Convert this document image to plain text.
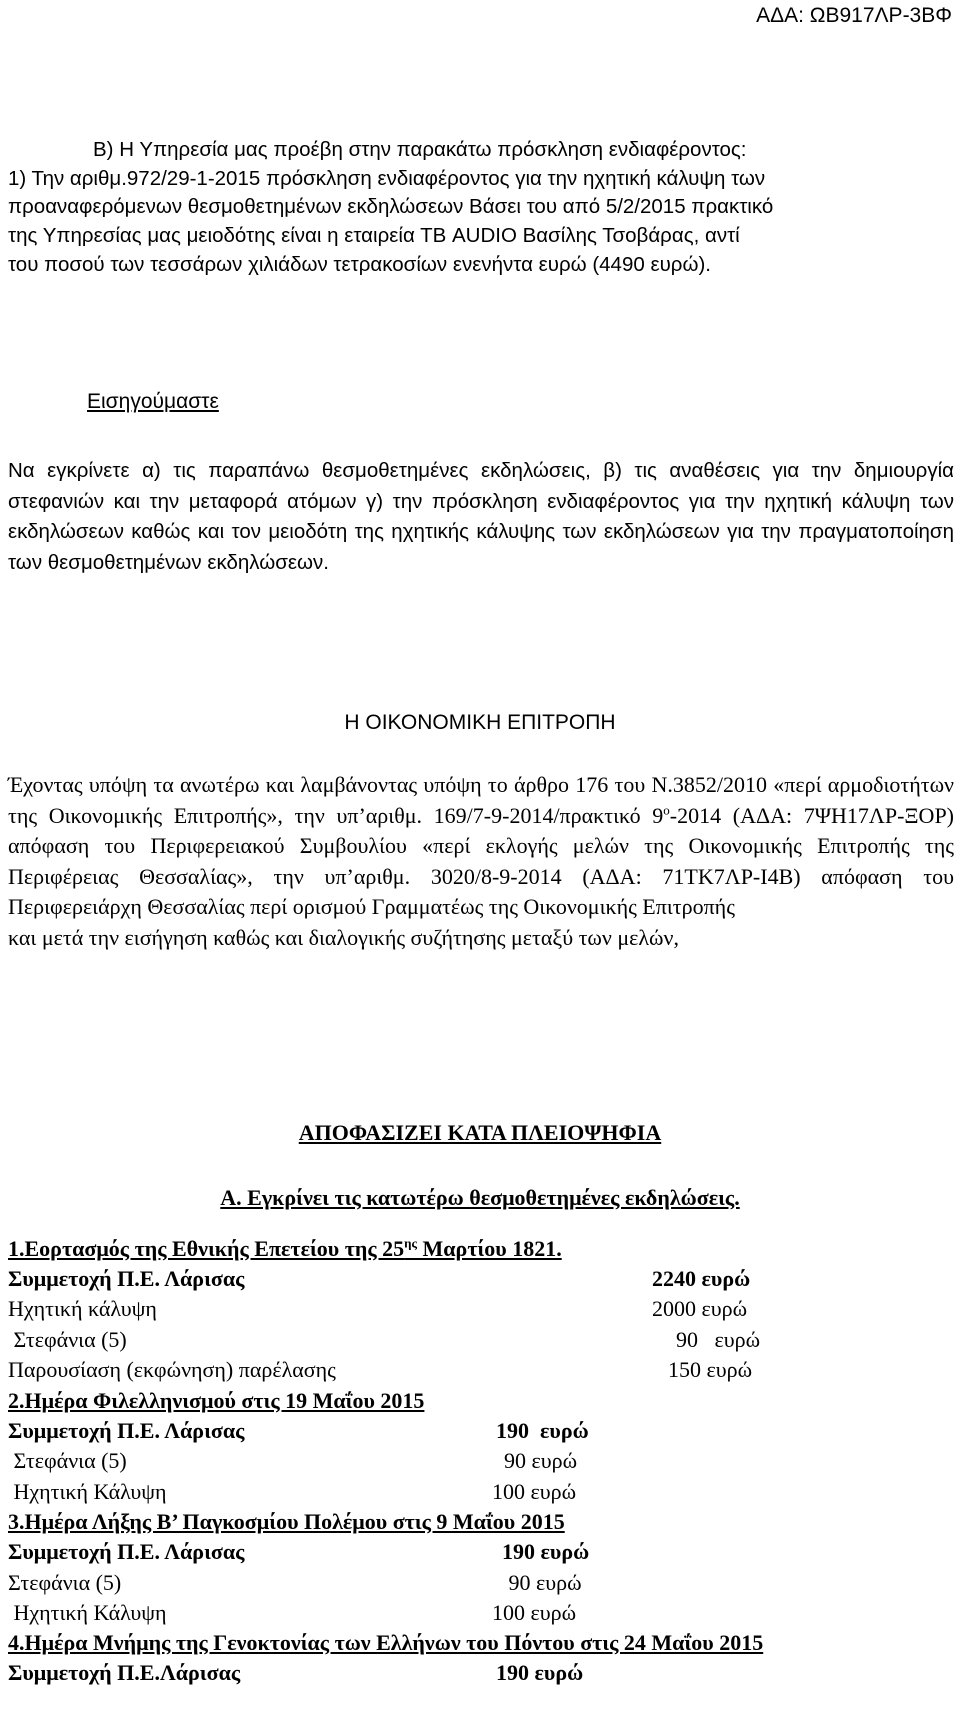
ΑΔΑ: ΩΒ917ΛΡ-3ΒΦ
Β) Η Υπηρεσία μας προέβη στην παρακάτω πρόσκληση ενδιαφέροντος:
1) Την αριθμ.972/29-1-2015 πρόσκληση ενδιαφέροντος για την ηχητική κάλυψη των
προαναφερόμενων θεσμοθετημένων εκδηλώσεων Βάσει του από 5/2/2015 πρακτικό
της Υπηρεσίας μας μειοδότης είναι η εταιρεία ΤΒ AUDIO Βασίλης Τσοβάρας, αντί
του ποσού των τεσσάρων χιλιάδων τετρακοσίων ενενήντα ευρώ (4490 ευρώ).
Εισηγούμαστε

Να εγκρίνετε α) τις παραπάνω θεσμοθετημένες εκδηλώσεις, β) τις αναθέσεις για την δημιουργία στεφανιών και την μεταφορά ατόμων γ) την πρόσκληση ενδιαφέροντος για την ηχητική κάλυψη των εκδηλώσεων καθώς και τον μειοδότη της ηχητικής κάλυψης των εκδηλώσεων για την πραγματοποίηση των θεσμοθετημένων εκδηλώσεων.

Η ΟΙΚΟΝΟΜΙΚΗ ΕΠΙΤΡΟΠΗ

Έχοντας υπόψη τα ανωτέρω και λαμβάνοντας υπόψη το άρθρο 176 του Ν.3852/2010 «περί αρμοδιοτήτων της Οικονομικής Επιτροπής», την υπ’αριθμ. 169/7-9-2014/πρακτικό $9^o-2014$ (ΑΔΑ: 7ΨΗ17ΛΡ-ΞΟΡ) απόφαση του Περιφερειακού Συμβουλίου «περί εκλογής μελών της Οικονομικής Επιτροπής της Περιφέρειας Θεσσαλίας», την υπ’αριθμ. 3020/8-9-2014 (ΑΔΑ: 71ΤΚ7ΛΡ-Ι4Β) απόφαση του Περιφερειάρχη Θεσσαλίας περί ορισμού Γραμματέως της Οικονομικής Επιτροπής
και μετά την εισήγηση καθώς και διαλογικής συζήτησης μεταξύ των μελών,

ΑΠΟΦΑΣΙΖΕΙ ΚΑΤΑ ΠΛΕΙΟΨΗΦΙΑ
Α. Εγκρίνει τις κατωτέρω θεσμοθετημένες εκδηλώσεις.
1.Εορτασμός της Εθνικής Επετείου της $25^{\eta\varsigma}$ Μαρτίου 1821.
Συμμετοχή Π.Ε. Λάρισας	2240 ευρώ
Ηχητική κάλυψη	2000 ευρώ
Στεφάνια (5)	90   ευρώ
Παρουσίαση (εκφώνηση) παρέλασης	150 ευρώ
2.Ημέρα Φιλελληνισμού στις 19 Μαΐου 2015
Συμμετοχή Π.Ε. Λάρισας	190  ευρώ
Στεφάνια (5)	90 ευρώ
Ηχητική Κάλυψη	100 ευρώ
3.Ημέρα Λήξης Β’ Παγκοσμίου Πολέμου στις 9 Μαΐου 2015
Συμμετοχή Π.Ε. Λάρισας	190 ευρώ
Στεφάνια (5)	90 ευρώ
Ηχητική Κάλυψη	100 ευρώ
4.Ημέρα Μνήμης της Γενοκτονίας των Ελλήνων του Πόντου στις 24 Μαΐου 2015
Συμμετοχή Π.Ε.Λάρισας	190 ευρώ
